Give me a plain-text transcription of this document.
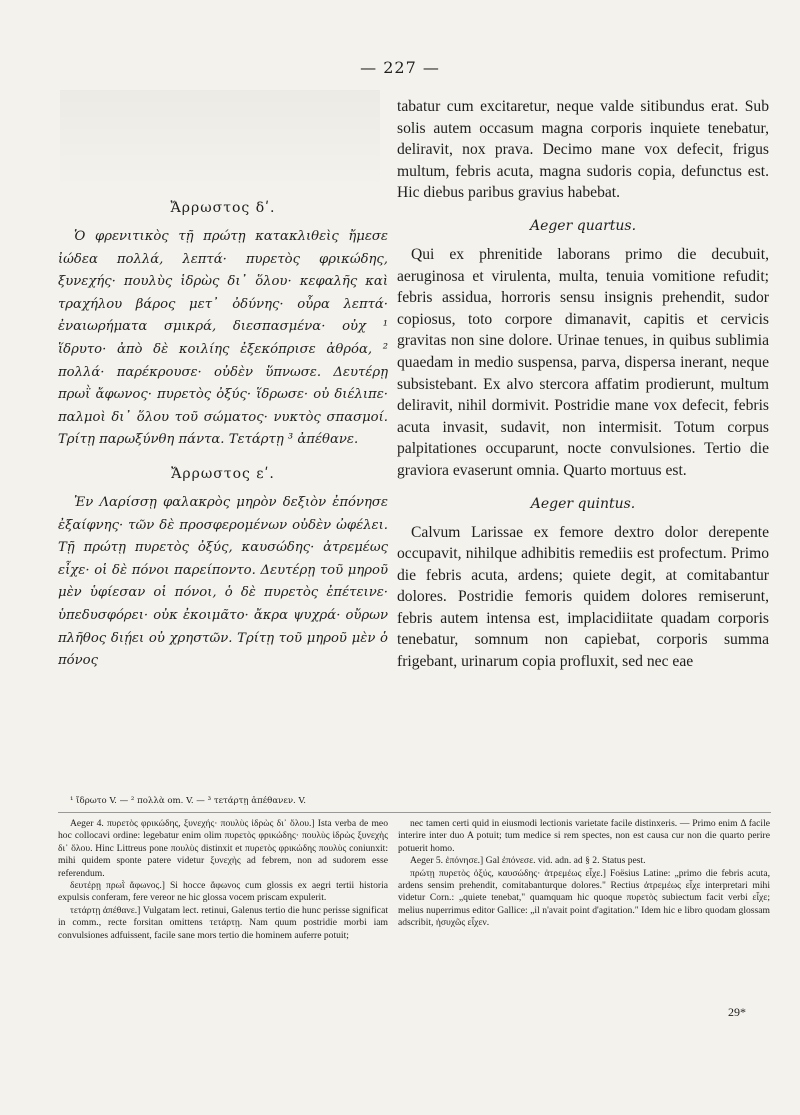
— 227 —
Ἄρρωστος δʹ.

Ὁ φρενιτικὸς τῇ πρώτῃ κατακλιθεὶς ἤμεσε ἰώδεα πολλά, λεπτά· πυρετὸς φρικώδης, ξυνεχής· πουλὺς ἱδρὼς δι᾽ ὅλου· κεφαλῆς καὶ τραχήλου βάρος μετ᾽ ὀδύνης· οὖρα λεπτά· ἐναιωρήματα σμικρά, διεσπασμένα· οὐχ ¹ ἵδρυτο· ἀπὸ δὲ κοιλίης ἐξεκόπρισε ἀθρόα, ² πολλά· παρέκρουσε· οὐδὲν ὕπνωσε. Δευτέρῃ πρωῒ ἄφωνος· πυρετὸς ὀξύς· ἵδρωσε· οὐ διέλιπε· παλμοὶ δι᾽ ὅλου τοῦ σώματος· νυκτὸς σπασμοί. Τρίτῃ παρωξύνθη πάντα. Τετάρτῃ ³ ἀπέθανε.

Ἄρρωστος εʹ.

Ἐν Λαρίσσῃ φαλακρὸς μηρὸν δεξιὸν ἐπόνησε ἐξαίφνης· τῶν δὲ προσφερομένων οὐδὲν ὠφέλει. Τῇ πρώτῃ πυρετὸς ὀξύς, καυσώδης· ἀτρεμέως εἶχε· οἱ δὲ πόνοι παρείποντο. Δευτέρῃ τοῦ μηροῦ μὲν ὑφίεσαν οἱ πόνοι, ὁ δὲ πυρετὸς ἐπέτεινε· ὑπεδυσφόρει· οὐκ ἐκοιμᾶτο· ἄκρα ψυχρά· οὔρων πλῆθος διῄει οὐ χρηστῶν. Τρίτῃ τοῦ μηροῦ μὲν ὁ πόνος

tabatur cum excitaretur, neque valde sitibundus erat. Sub solis autem occasum magna corporis inquiete tenebatur, deliravit, nox prava. Decimo mane vox defecit, frigus multum, febris acuta, magna sudoris copia, defunctus est. Hic diebus paribus gravius habebat.

Aeger quartus.

Qui ex phrenitide laborans primo die decubuit, aeruginosa et virulenta, multa, tenuia vomitione refudit; febris assidua, horroris sensu insignis prehendit, sudor copiosus, toto corpore dimanavit, capitis et cervicis gravitas non sine dolore. Urinae tenues, in quibus sublimia quaedam in medio suspensa, parva, dispersa inerant, neque subsistebant. Ex alvo stercora affatim prodierunt, multum deliravit, nihil dormivit. Postridie mane vox defecit, febris acuta invasit, sudavit, non intermisit. Totum corpus palpitationes occuparunt, nocte convulsiones. Tertio die graviora evaserunt omnia. Quarto mortuus est.

Aeger quintus.

Calvum Larissae ex femore dextro dolor derepente occupavit, nihilque adhibitis remediis est profectum. Primo die febris acuta, ardens; quiete degit, at comitabantur dolores. Postridie femoris quidem dolores remiserunt, febris autem intensa est, implacidiitate quadam corporis tenebatur, somnum non capiebat, corporis summa frigebant, urinarum copia profluxit, sed nec eae

¹ ἴδρωτο V. — ² πολλὰ om. V. — ³ τετάρτῃ ἀπέθανεν. V.

Aeger 4. πυρετὸς φρικώδης, ξυνεχής· πουλὺς ἱδρὼς δι᾽ ὅλου.] Ista verba de meo hoc collocavi ordine: legebatur enim olim πυρετὸς φρικώδης· πουλὺς ἱδρὼς ξυνεχὴς δι᾽ ὅλου. Hinc Littreus pone πουλὺς distinxit et πυρετὸς φρικώδης πουλὺς coniunxit: mihi quidem sponte patere videtur ξυνεχὴς ad febrem, non ad sudorem esse referendum.

δευτέρῃ πρωῒ ἄφωνος.] Si hocce ἄφωνος cum glossis ex aegri tertii historia expulsis conferam, fere vereor ne hic glossa vocem priscam expulerit.

τετάρτῃ ἀπέθανε.] Vulgatam lect. retinui, Galenus tertio die hunc perisse significat in comm., recte forsitan omittens τετάρτῃ. Nam quum postridie morbi iam convulsiones adfuissent, facile sane mors tertio die hominem auferre potuit;

nec tamen certi quid in eiusmodi lectionis varietate facile distinxeris. — Primo enim Δ facile interire inter duo A potuit; tum medice si rem spectes, non est causa cur non die quarto perire potuerit homo.

Aeger 5. ἐπόνησε.] Gal ἐπόνεσε. vid. adn. ad § 2. Status pest.

πρώτῃ πυρετὸς ὀξύς, καυσώδης· ἀτρεμέως εἶχε.] Foësius Latine: „primo die febris acuta, ardens sensim prehendit, comitabanturque dolores." Rectius ἀτρεμέως εἶχε interpretari mihi videtur Corn.: „quiete tenebat," quamquam hic quoque πυρετὸς subiectum facit verbi εἶχε; melius nuperrimus editor Gallice: „il n'avait point d'agitation." Idem hic e libro quodam glossam adscribit, ἡσυχῶς εἶχεν.

29*
